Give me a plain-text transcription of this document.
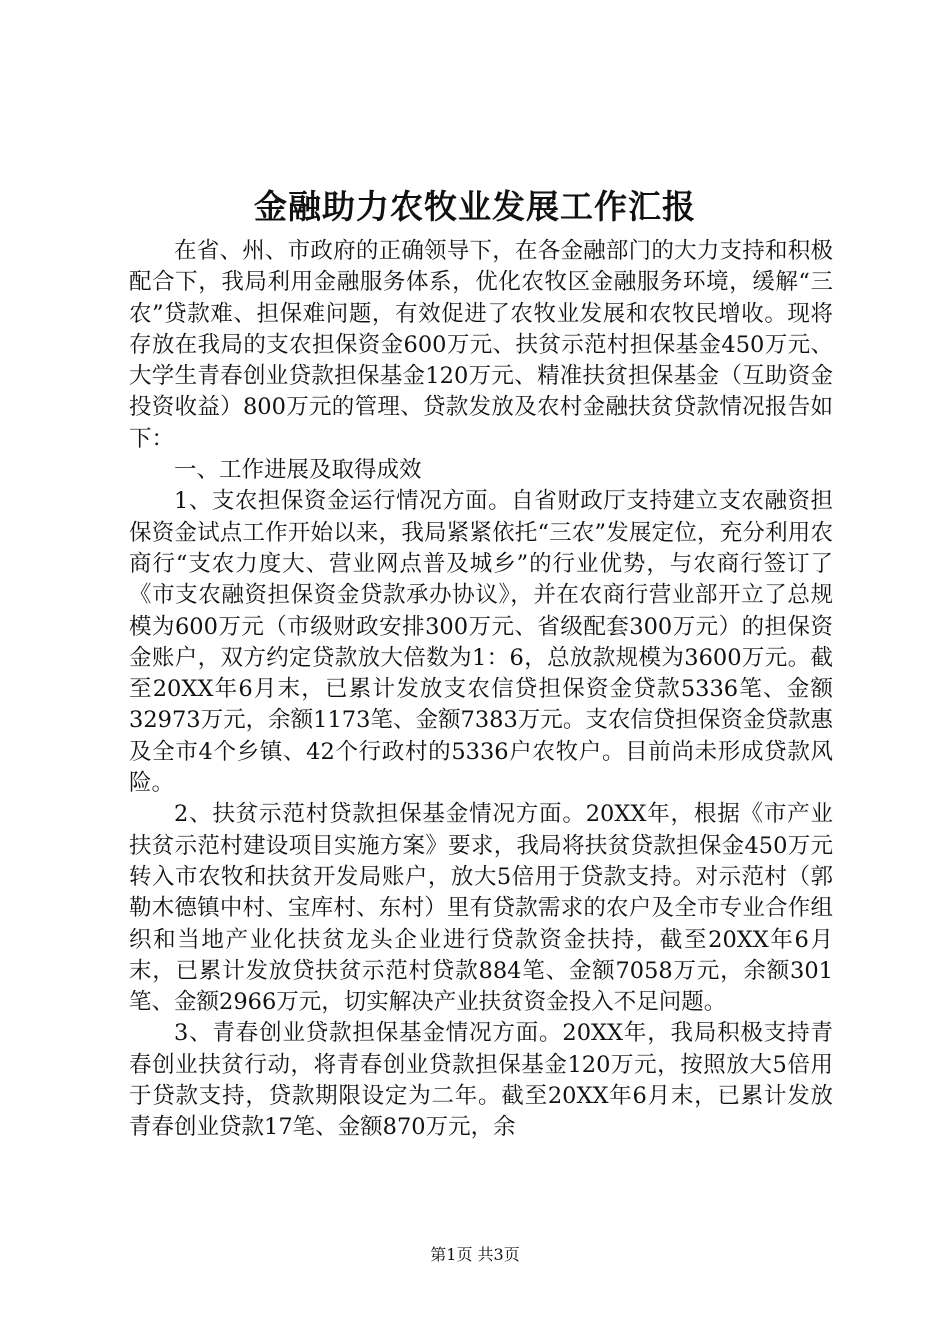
金融助力农牧业发展工作汇报

在省、州、市政府的正确领导下，在各金融部门的大力支持和积极配合下，我局利用金融服务体系，优化农牧区金融服务环境，缓解“三农”贷款难、担保难问题，有效促进了农牧业发展和农牧民增收。现将存放在我局的支农担保资金600万元、扶贫示范村担保基金450万元、大学生青春创业贷款担保基金120万元、精准扶贫担保基金（互助资金投资收益）800万元的管理、贷款发放及农村金融扶贫贷款情况报告如下：

一、工作进展及取得成效

1、支农担保资金运行情况方面。自省财政厅支持建立支农融资担保资金试点工作开始以来，我局紧紧依托“三农”发展定位，充分利用农商行“支农力度大、营业网点普及城乡”的行业优势，与农商行签订了《市支农融资担保资金贷款承办协议》，并在农商行营业部开立了总规模为600万元（市级财政安排300万元、省级配套300万元）的担保资金账户，双方约定贷款放大倍数为1：6，总放款规模为3600万元。截至20XX年6月末，已累计发放支农信贷担保资金贷款5336笔、金额32973万元，余额1173笔、金额7383万元。支农信贷担保资金贷款惠及全市4个乡镇、42个行政村的5336户农牧户。目前尚未形成贷款风险。

2、扶贫示范村贷款担保基金情况方面。20XX年，根据《市产业扶贫示范村建设项目实施方案》要求，我局将扶贫贷款担保金450万元转入市农牧和扶贫开发局账户，放大5倍用于贷款支持。对示范村（郭勒木德镇中村、宝库村、东村）里有贷款需求的农户及全市专业合作组织和当地产业化扶贫龙头企业进行贷款资金扶持，截至20XX年6月末，已累计发放贷扶贫示范村贷款884笔、金额7058万元，余额301笔、金额2966万元，切实解决产业扶贫资金投入不足问题。

3、青春创业贷款担保基金情况方面。20XX年，我局积极支持青春创业扶贫行动，将青春创业贷款担保基金120万元，按照放大5倍用于贷款支持，贷款期限设定为二年。截至20XX年6月末，已累计发放青春创业贷款17笔、金额870万元，余

第1页 共3页
